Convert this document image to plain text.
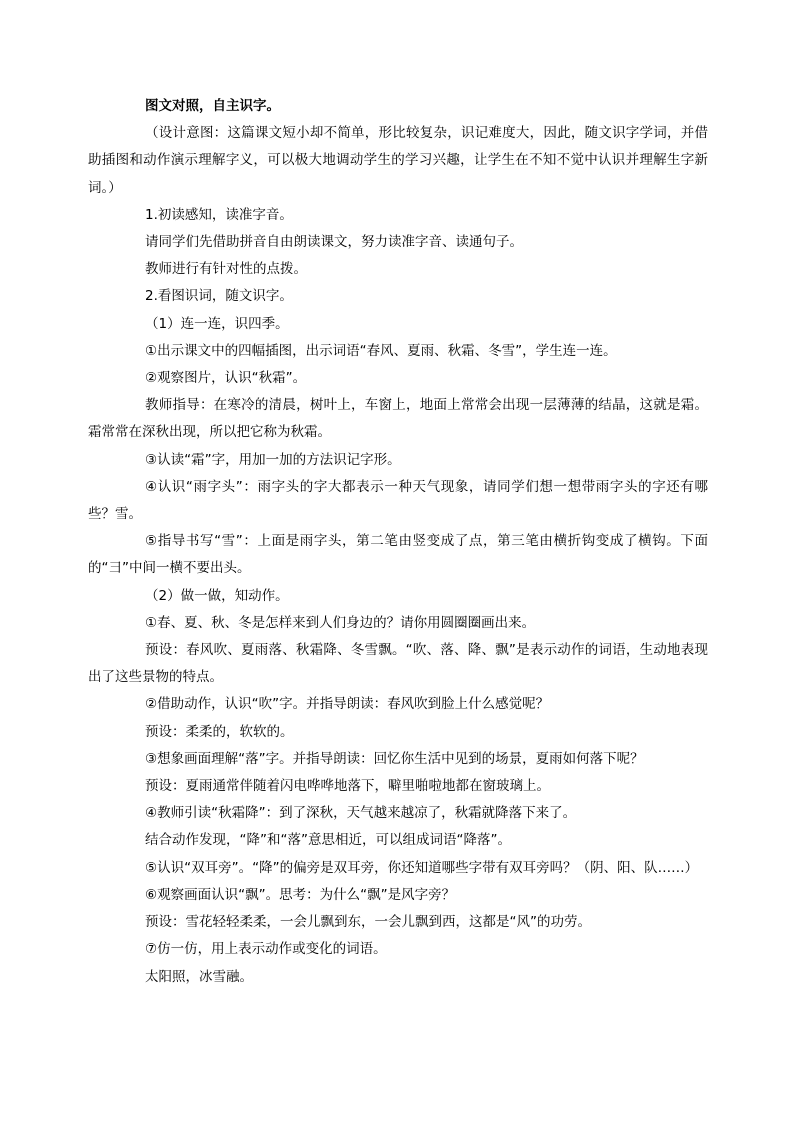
图文对照，自主识字。

（设计意图：这篇课文短小却不简单，形比较复杂，识记难度大，因此，随文识字学词，并借助插图和动作演示理解字义，可以极大地调动学生的学习兴趣，让学生在不知不觉中认识并理解生字新词。）

1.初读感知，读准字音。

请同学们先借助拼音自由朗读课文，努力读准字音、读通句子。

教师进行有针对性的点拨。

2.看图识词，随文识字。

（1）连一连，识四季。

①出示课文中的四幅插图，出示词语“春风、夏雨、秋霜、冬雪”，学生连一连。

②观察图片，认识“秋霜”。

教师指导：在寒冷的清晨，树叶上，车窗上，地面上常常会出现一层薄薄的结晶，这就是霜。霜常常在深秋出现，所以把它称为秋霜。

③认读“霜”字，用加一加的方法识记字形。

④认识“雨字头”：雨字头的字大都表示一种天气现象，请同学们想一想带雨字头的字还有哪些？雪。

⑤指导书写“雪”：上面是雨字头，第二笔由竖变成了点，第三笔由横折钩变成了横钩。下面的“彐”中间一横不要出头。

（2）做一做，知动作。

①春、夏、秋、冬是怎样来到人们身边的？请你用圆圈圈画出来。

预设：春风吹、夏雨落、秋霜降、冬雪飘。“吹、落、降、飘”是表示动作的词语，生动地表现出了这些景物的特点。

②借助动作，认识“吹”字。并指导朗读：春风吹到脸上什么感觉呢？

预设：柔柔的，软软的。

③想象画面理解“落”字。并指导朗读：回忆你生活中见到的场景，夏雨如何落下呢？

预设：夏雨通常伴随着闪电哗哗地落下，噼里啪啦地都在窗玻璃上。

④教师引读“秋霜降”：到了深秋，天气越来越凉了，秋霜就降落下来了。

结合动作发现，“降”和“落”意思相近，可以组成词语“降落”。

⑤认识“双耳旁”。“降”的偏旁是双耳旁，你还知道哪些字带有双耳旁吗？（阴、阳、队……）

⑥观察画面认识“飘”。思考：为什么“飘”是风字旁？

预设：雪花轻轻柔柔，一会儿飘到东，一会儿飘到西，这都是“风”的功劳。

⑦仿一仿，用上表示动作或变化的词语。

太阳照，冰雪融。
